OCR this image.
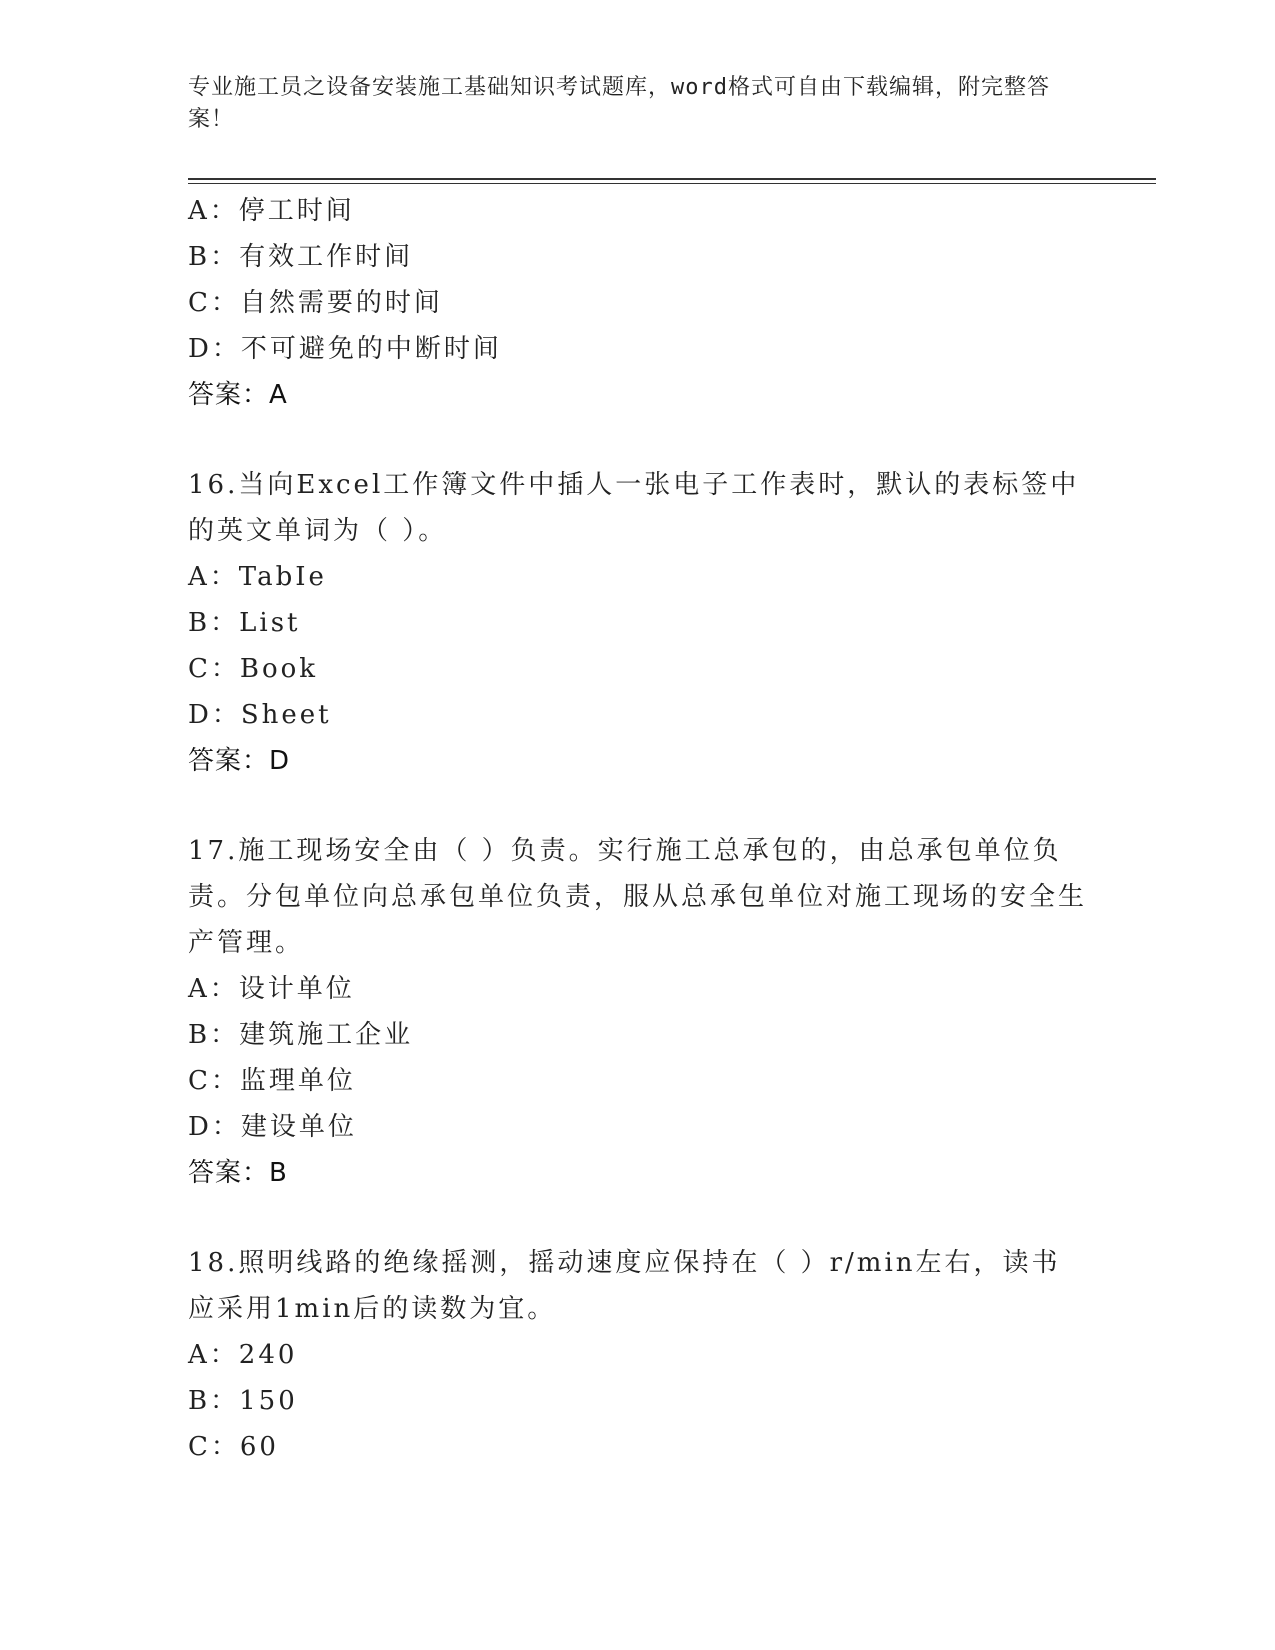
专业施工员之设备安装施工基础知识考试题库，word格式可自由下载编辑，附完整答案！
A：停工时间
B：有效工作时间
C：自然需要的时间
D：不可避免的中断时间
答案：A
16.当向Excel工作簿文件中插人一张电子工作表时，默认的表标签中的英文单词为（ ）。
A：TabIe
B：List
C：Book
D：Sheet
答案：D
17.施工现场安全由（ ）负责。实行施工总承包的，由总承包单位负责。分包单位向总承包单位负责，服从总承包单位对施工现场的安全生产管理。
A：设计单位
B：建筑施工企业
C：监理单位
D：建设单位
答案：B
18.照明线路的绝缘摇测，摇动速度应保持在（ ）r/min左右，读书应采用1min后的读数为宜。
A：240
B：150
C：60
